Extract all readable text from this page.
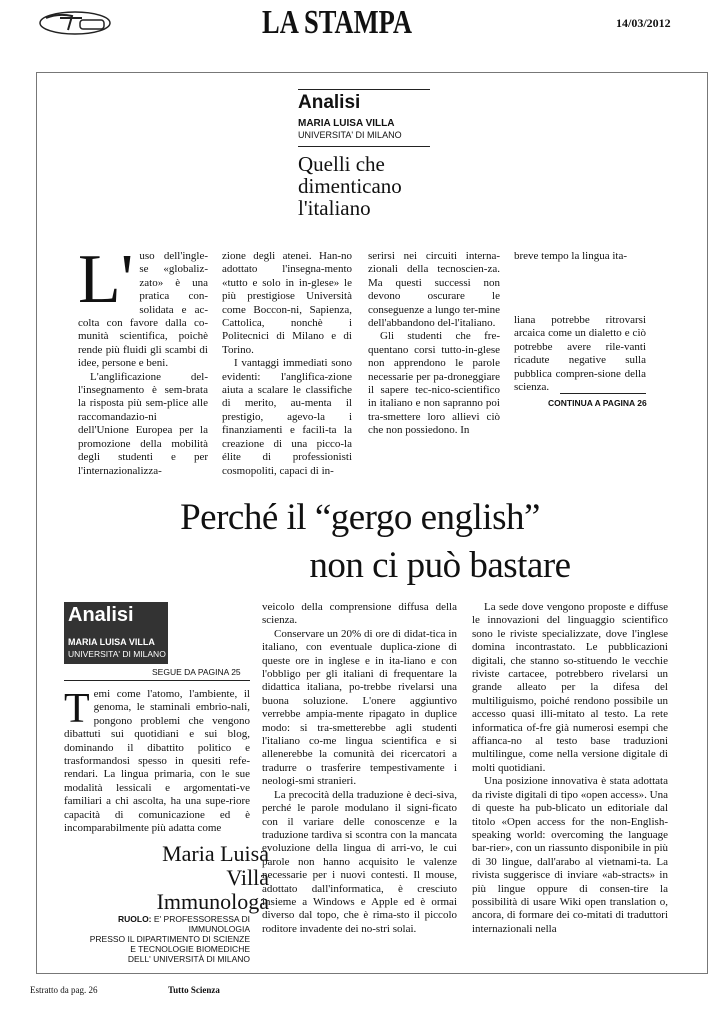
LA STAMPA	14/03/2012
Analisi
MARIA LUISA VILLA
UNIVERSITA' DI MILANO
Quelli che
dimenticano
l'italiano
L' uso dell'ingle-se «globaliz-zato» è una pratica con-solidata e ac-colta con favore dalla co-munità scientifica, poichè rende più fluidi gli scambi di idee, persone e beni.

L'anglificazione del-l'insegnamento è sem-brata la risposta più sem-plice alle raccomandazio-ni dell'Unione Europea per la promozione della mobilità degli studenti e per l'internazionalizza-

zione degli atenei. Han-no adottato l'insegna-mento «tutto e solo in in-glese» le più prestigiose Università come Boccon-ni, Sapienza, Cattolica, nonchè i Politecnici di Milano e di Torino.

I vantaggi immediati sono evidenti: l'anglifica-zione aiuta a scalare le classifiche di merito, au-menta il prestigio, agevo-la i finanziamenti e facili-ta la creazione di una picco-la élite di professionisti cosmopoliti, capaci di in-

serirsi nei circuiti interna-zionali della tecnoscien-za. Ma questi successi non devono oscurare le conseguenze a lungo ter-mine dell'abbandono del-l'italiano.

Gli studenti che fre-quentano corsi tutto-in-glese non apprendono le parole necessarie per pa-droneggiare il sapere tec-nico-scientifico in italiano e non sapranno poi tra-smettere loro allievi ciò che non possiedono. In

breve tempo la lingua ita-

liana potrebbe ritrovarsi arcaica come un dialetto e ciò potrebbe avere rile-vanti ricadute negative sulla pubblica compren-sione della scienza.

CONTINUA A PAGINA 26
Perché il “gergo english”
non ci può bastare
Analisi
MARIA LUISA VILLA
UNIVERSITA' DI MILANO
SEGUE DA PAGINA 25
T emi come l'atomo, l'ambiente, il genoma, le staminali embrio-nali, pongono problemi che vengono dibattuti sui quotidiani e sui blog, dominando il dibattito politico e trasformandosi spesso in quesiti refe-rendari. La lingua primaria, con le sue modalità lessicali e argomentati-ve familiari a chi ascolta, ha una supe-riore capacità di comunicazione ed è incomparabilmente più adatta come

Maria Luisa
Villa
Immunologa
RUOLO: E' PROFESSORESSA DI IMMUNOLOGIA
PRESSO IL DIPARTIMENTO DI SCIENZE
E TECNOLOGIE BIOMEDICHE
DELL' UNIVERSITÀ DI MILANO

veicolo della comprensione diffusa della scienza.

Conservare un 20% di ore di didat-tica in italiano, con eventuale duplica-zione di queste ore in inglese e in ita-liano e con l'obbligo per gli italiani di frequentare la didattica italiana, po-trebbe rivelarsi una buona soluzione. L'onere aggiuntivo verrebbe ampia-mente ripagato in duplice modo: si tra-smetterebbe agli studenti l'italiano co-me lingua scientifica e si allenerebbe la comunità dei ricercatori a tradurre o trasferire tempestivamente i neologi-smi stranieri.

La precocità della traduzione è deci-siva, perché le parole modulano il signi-ficato con il variare delle conoscenze e la traduzione tardiva si scontra con la mancata evoluzione della lingua di arri-vo, le cui parole non hanno acquisito le valenze necessarie per i nuovi contesti. Il mouse, adottato dall'informatica, è cresciuto insieme a Windows e Apple ed è ormai diverso dal topo, che è rima-sto il piccolo roditore invadente dei no-stri solai.

La sede dove vengono proposte e diffuse le innovazioni del linguaggio scientifico sono le riviste specializzate, dove l'inglese domina incontrastato. Le pubblicazioni digitali, che stanno so-stituendo le vecchie riviste cartacee, potrebbero rivelarsi un grande alleato per la difesa del multiliguismo, poiché rendono possibile un accesso quasi illi-mitato al testo. La rete informatica of-fre già numerosi esempi che affianca-no al testo base traduzioni multilingue, come nella versione digitale di molti quotidiani.

Una posizione innovativa è stata adottata da riviste digitali di tipo «open access». Una di queste ha pub-blicato un editoriale dal titolo «Open access for the non-English-speaking world: overcoming the language bar-rier», con un riassunto disponibile in più di 30 lingue, dall'arabo al vietnami-ta. La rivista suggerisce di inviare «ab-stracts» in più lingue oppure di consen-tire la possibilità di usare Wiki open translation o, ancora, di formare dei co-mitati di traduttori internazionali nella

Estratto da pag. 26	Tutto Scienza
